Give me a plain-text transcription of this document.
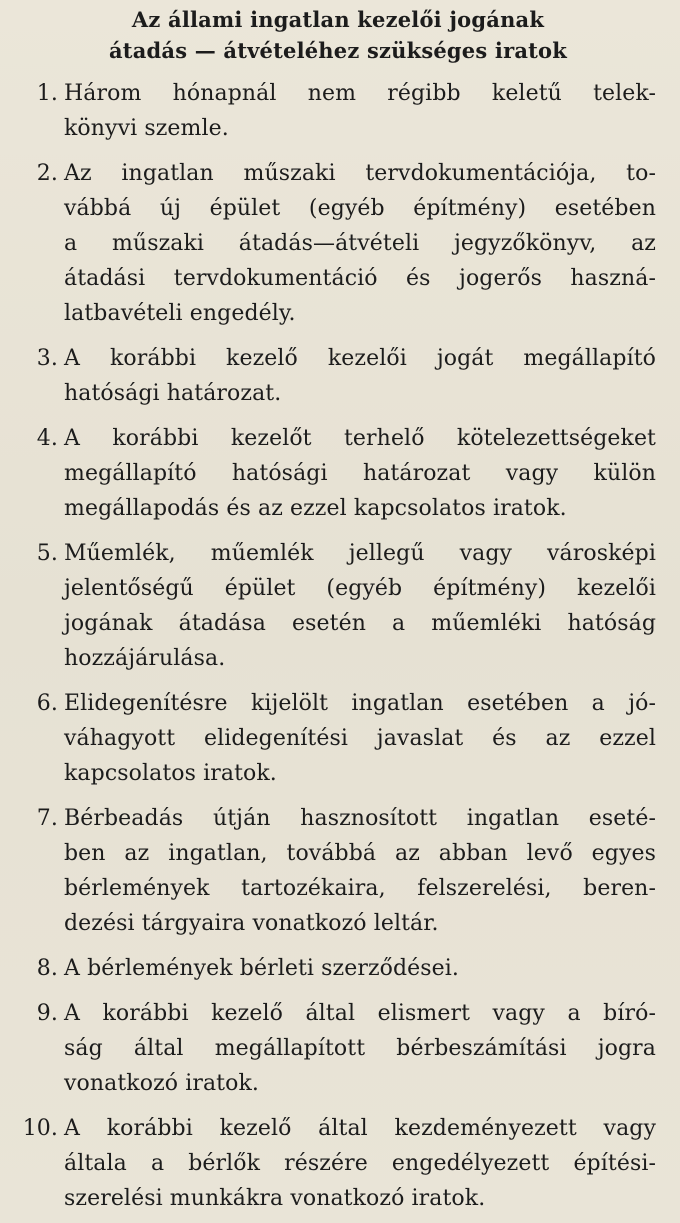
Az állami ingatlan kezelői jogának
átadás — átvételéhez szükséges iratok
1. Három hónapnál nem régibb keletű telek-
könyvi szemle.
2. Az ingatlan műszaki tervdokumentációja, to-
vábbá új épület (egyéb építmény) esetében
a műszaki átadás—átvételi jegyzőkönyv, az
átadási tervdokumentáció és jogerős haszná-
latbavételi engedély.
3. A korábbi kezelő kezelői jogát megállapító
hatósági határozat.
4. A korábbi kezelőt terhelő kötelezettségeket
megállapító hatósági határozat vagy külön
megállapodás és az ezzel kapcsolatos iratok.
5. Műemlék, műemlék jellegű vagy városképi
jelentőségű épület (egyéb építmény) kezelői
jogának átadása esetén a műemléki hatóság
hozzájárulása.
6. Elidegenítésre kijelölt ingatlan esetében a jó-
váhagyott elidegenítési javaslat és az ezzel
kapcsolatos iratok.
7. Bérbeadás útján hasznosított ingatlan eseté-
ben az ingatlan, továbbá az abban levő egyes
bérlemények tartozékaira, felszerelési, beren-
dezési tárgyaira vonatkozó leltár.
8. A bérlemények bérleti szerződései.
9. A korábbi kezelő által elismert vagy a bíró-
ság által megállapított bérbeszámítási jogra
vonatkozó iratok.
10. A korábbi kezelő által kezdeményezett vagy
általa a bérlők részére engedélyezett építési-
szerelési munkákra vonatkozó iratok.
